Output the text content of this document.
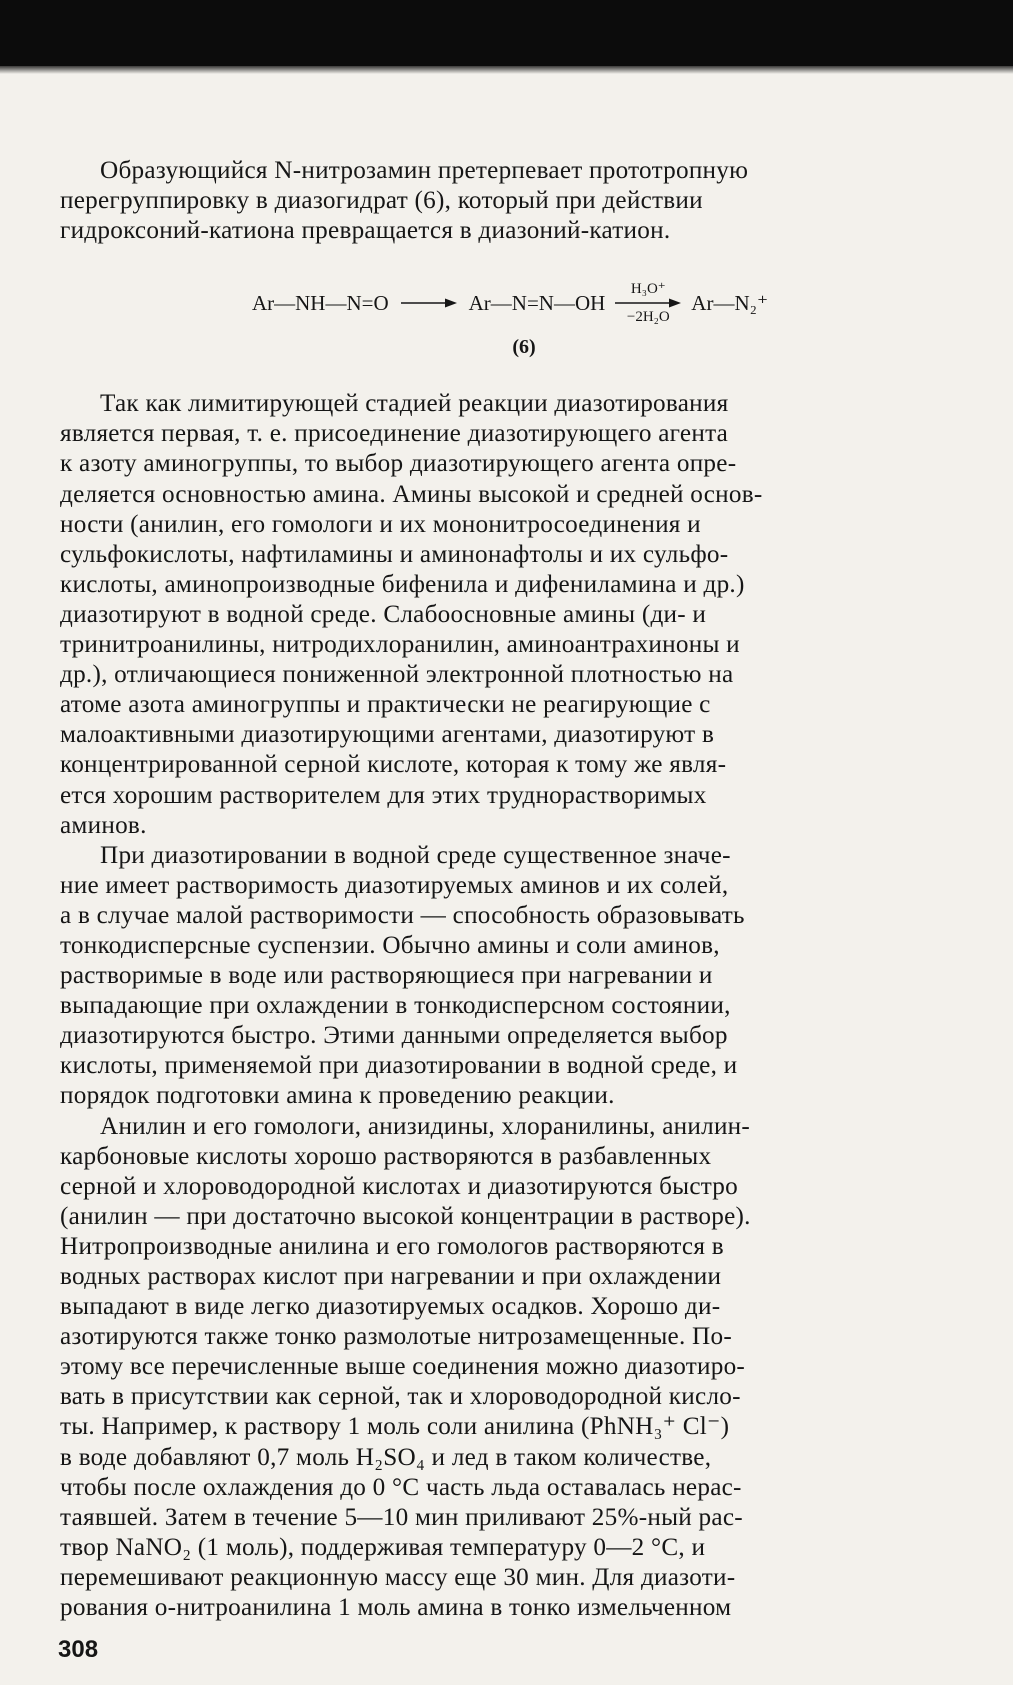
Образующийся N-нитрозамин претерпевает прототропную

перегруппировку в диазогидрат (6), который при действии

гидроксоний-катиона превращается в диазоний-катион.

Ar—NH—N=O → Ar—N=N—OH
H₃O⁺
−2H₂O
Ar—N₂⁺
(6)

Так как лимитирующей стадией реакции диазотирования

является первая, т. е. присоединение диазотирующего агента

к азоту аминогруппы, то выбор диазотирующего агента опре-

деляется основностью амина. Амины высокой и средней основ-

ности (анилин, его гомологи и их мононитросоединения и

сульфокислоты, нафтиламины и аминонафтолы и их сульфо-

кислоты, аминопроизводные бифенила и дифениламина и др.)

диазотируют в водной среде. Слабоосновные амины (ди- и

тринитроанилины, нитродихлоранилин, аминоантрахиноны и

др.), отличающиеся пониженной электронной плотностью на

атоме азота аминогруппы и практически не реагирующие с

малоактивными диазотирующими агентами, диазотируют в

концентрированной серной кислоте, которая к тому же явля-

ется хорошим растворителем для этих труднорастворимых

аминов.

При диазотировании в водной среде существенное значе-

ние имеет растворимость диазотируемых аминов и их солей,

а в случае малой растворимости — способность образовывать

тонкодисперсные суспензии. Обычно амины и соли аминов,

растворимые в воде или растворяющиеся при нагревании и

выпадающие при охлаждении в тонкодисперсном состоянии,

диазотируются быстро. Этими данными определяется выбор

кислоты, применяемой при диазотировании в водной среде, и

порядок подготовки амина к проведению реакции.

Анилин и его гомологи, анизидины, хлоранилины, анилин-

карбоновые кислоты хорошо растворяются в разбавленных

серной и хлороводородной кислотах и диазотируются быстро

(анилин — при достаточно высокой концентрации в растворе).

Нитропроизводные анилина и его гомологов растворяются в

водных растворах кислот при нагревании и при охлаждении

выпадают в виде легко диазотируемых осадков. Хорошо ди-

азотируются также тонко размолотые нитрозамещенные. По-

этому все перечисленные выше соединения можно диазотиро-

вать в присутствии как серной, так и хлороводородной кисло-

ты. Например, к раствору 1 моль соли анилина (PhNH₃⁺ Cl⁻)

в воде добавляют 0,7 моль H₂SO₄ и лед в таком количестве,

чтобы после охлаждения до 0 °С часть льда оставалась нерас-

таявшей. Затем в течение 5—10 мин приливают 25%-ный рас-

твор NaNO₂ (1 моль), поддерживая температуру 0—2 °С, и

перемешивают реакционную массу еще 30 мин. Для диазоти-

рования о-нитроанилина 1 моль амина в тонко измельченном

308
